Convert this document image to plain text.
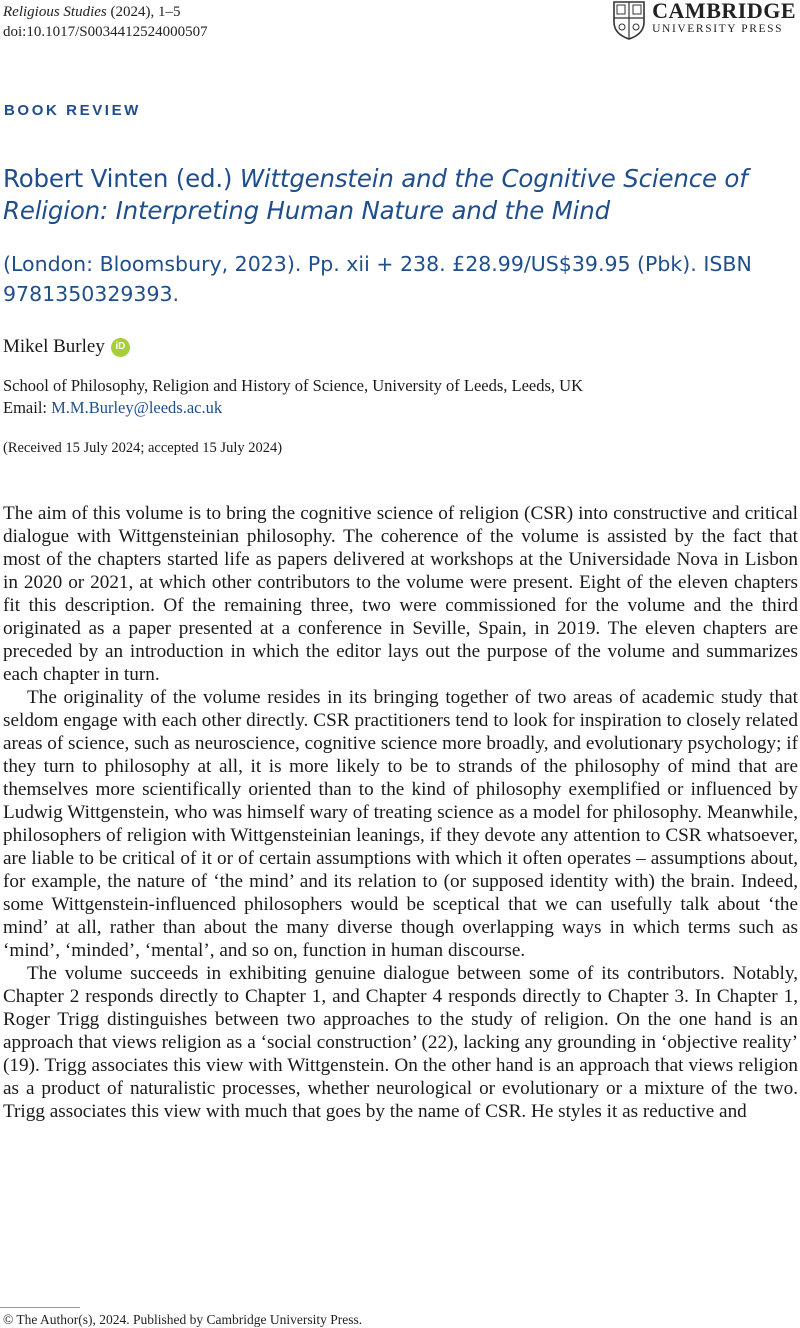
Religious Studies (2024), 1–5
doi:10.1017/S0034412524000507
CAMBRIDGE
UNIVERSITY PRESS
BOOK REVIEW
Robert Vinten (ed.) Wittgenstein and the Cognitive Science of Religion: Interpreting Human Nature and the Mind
(London: Bloomsbury, 2023). Pp. xii + 238. £28.99/US$39.95 (Pbk). ISBN 9781350329393.
Mikel Burley	iD
School of Philosophy, Religion and History of Science, University of Leeds, Leeds, UK
Email: M.M.Burley@leeds.ac.uk
(Received 15 July 2024; accepted 15 July 2024)

The aim of this volume is to bring the cognitive science of religion (CSR) into constructive and critical dialogue with Wittgensteinian philosophy. The coherence of the volume is assisted by the fact that most of the chapters started life as papers delivered at workshops at the Universidade Nova in Lisbon in 2020 or 2021, at which other contributors to the volume were present. Eight of the eleven chapters fit this description. Of the remaining three, two were commissioned for the volume and the third originated as a paper presented at a conference in Seville, Spain, in 2019. The eleven chapters are preceded by an introduction in which the editor lays out the purpose of the volume and summarizes each chapter in turn.

The originality of the volume resides in its bringing together of two areas of academic study that seldom engage with each other directly. CSR practitioners tend to look for inspiration to closely related areas of science, such as neuroscience, cognitive science more broadly, and evolutionary psychology; if they turn to philosophy at all, it is more likely to be to strands of the philosophy of mind that are themselves more scientifically oriented than to the kind of philosophy exemplified or influenced by Ludwig Wittgenstein, who was himself wary of treating science as a model for philosophy. Meanwhile, philosophers of religion with Wittgensteinian leanings, if they devote any attention to CSR whatsoever, are liable to be critical of it or of certain assumptions with which it often operates – assumptions about, for example, the nature of ‘the mind’ and its relation to (or supposed identity with) the brain. Indeed, some Wittgenstein-influenced philosophers would be sceptical that we can usefully talk about ‘the mind’ at all, rather than about the many diverse though overlapping ways in which terms such as ‘mind’, ‘minded’, ‘mental’, and so on, function in human discourse.

The volume succeeds in exhibiting genuine dialogue between some of its contributors. Notably, Chapter 2 responds directly to Chapter 1, and Chapter 4 responds directly to Chapter 3. In Chapter 1, Roger Trigg distinguishes between two approaches to the study of religion. On the one hand is an approach that views religion as a ‘social construction’ (22), lacking any grounding in ‘objective reality’ (19). Trigg associates this view with Wittgenstein. On the other hand is an approach that views religion as a product of naturalistic processes, whether neurological or evolutionary or a mixture of the two. Trigg associates this view with much that goes by the name of CSR. He styles it as reductive and

© The Author(s), 2024. Published by Cambridge University Press.
